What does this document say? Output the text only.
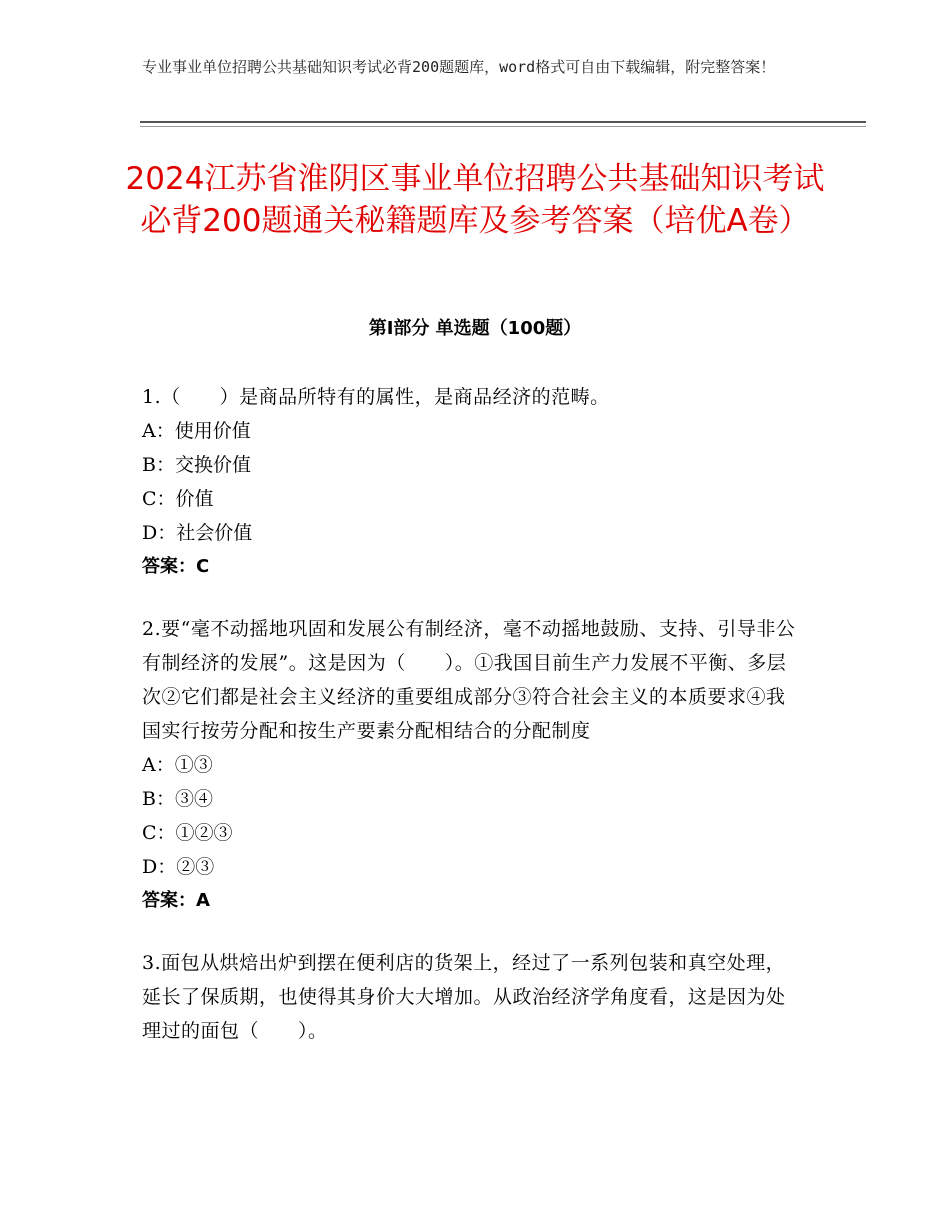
专业事业单位招聘公共基础知识考试必背200题题库，word格式可自由下载编辑，附完整答案！
2024江苏省淮阴区事业单位招聘公共基础知识考试必背200题通关秘籍题库及参考答案（培优A卷）
第Ⅰ部分 单选题（100题）

1.（　　）是商品所特有的属性，是商品经济的范畴。

A：使用价值

B：交换价值

C：价值

D：社会价值

答案：C

2.要“毫不动摇地巩固和发展公有制经济，毫不动摇地鼓励、支持、引导非公有制经济的发展”。这是因为（　　）。①我国目前生产力发展不平衡、多层次②它们都是社会主义经济的重要组成部分③符合社会主义的本质要求④我国实行按劳分配和按生产要素分配相结合的分配制度

A：①③

B：③④

C：①②③

D：②③

答案：A

3.面包从烘焙出炉到摆在便利店的货架上，经过了一系列包装和真空处理，延长了保质期，也使得其身价大大增加。从政治经济学角度看，这是因为处理过的面包（　　）。
